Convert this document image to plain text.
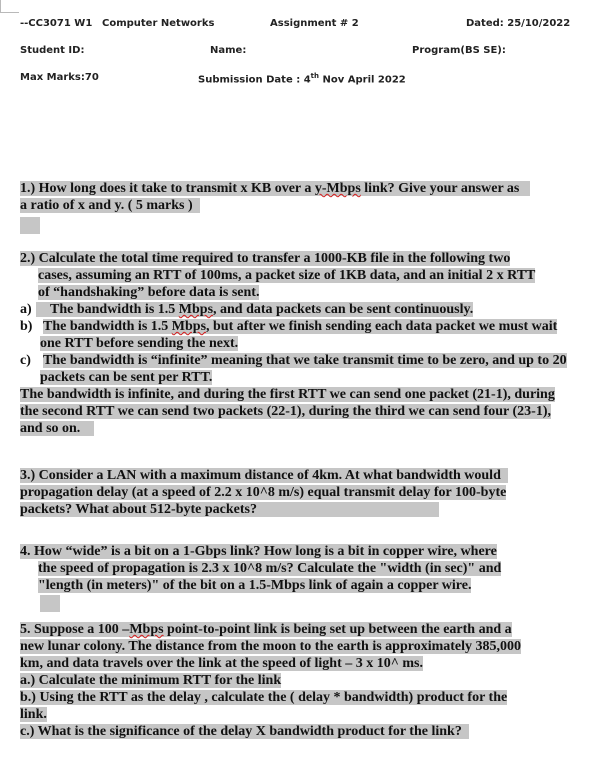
--CC3071 W1 Computer Networks	Assignment # 2	Dated: 25/10/2022
Student ID:	Name:	Program(BS SE):
Max Marks:70	Submission Date : 4th Nov April 2022
1.) How long does it take to transmit x KB over a y-Mbps link? Give your answer as
a ratio of x and y. ( 5 marks )
2.) Calculate the total time required to transfer a 1000-KB file in the following two
cases, assuming an RTT of 100ms, a packet size of 1KB data, and an initial 2 x RTT
of “handshaking” before data is sent.
a) The bandwidth is 1.5 Mbps, and data packets can be sent continuously.
b) The bandwidth is 1.5 Mbps, but after we finish sending each data packet we must wait
one RTT before sending the next.
c) The bandwidth is “infinite” meaning that we take transmit time to be zero, and up to 20
packets can be sent per RTT.
The bandwidth is infinite, and during the first RTT we can send one packet (21-1), during
the second RTT we can send two packets (22-1), during the third we can send four (23-1),
and so on.
3.) Consider a LAN with a maximum distance of 4km. At what bandwidth would
propagation delay (at a speed of 2.2 x 10^8 m/s) equal transmit delay for 100-byte
packets? What about 512-byte packets?
4. How “wide” is a bit on a 1-Gbps link? How long is a bit in copper wire, where
the speed of propagation is 2.3 x 10^8 m/s? Calculate the "width (in sec)" and
"length (in meters)" of the bit on a 1.5-Mbps link of again a copper wire.
5. Suppose a 100 –Mbps point-to-point link is being set up between the earth and a
new lunar colony. The distance from the moon to the earth is approximately 385,000
km, and data travels over the link at the speed of light – 3 x 10^ ms.
a.) Calculate the minimum RTT for the link
b.) Using the RTT as the delay , calculate the ( delay * bandwidth) product for the
link.
c.) What is the significance of the delay X bandwidth product for the link?
